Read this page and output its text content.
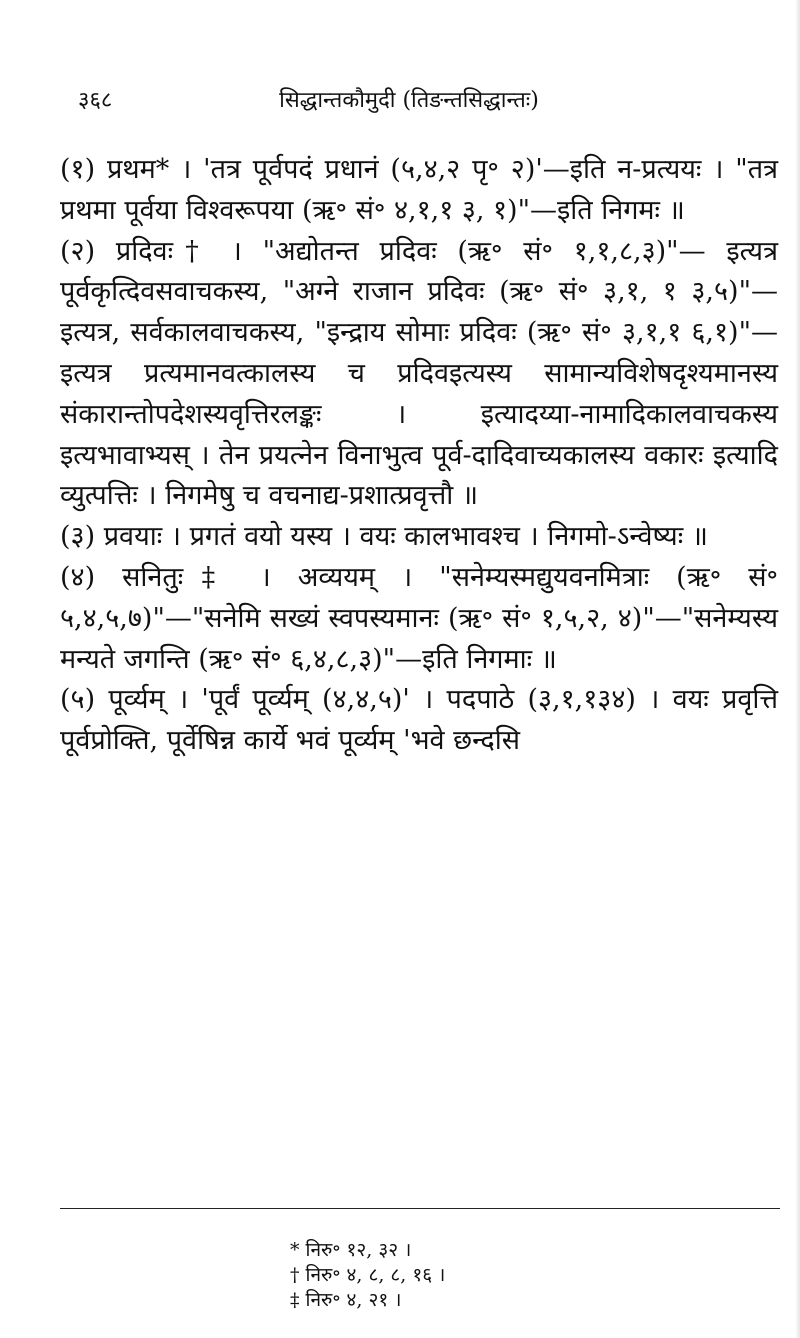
३६८	सिद्धान्तकौमुदी (तिङन्तसिद्धान्तः)

(१) प्रथम* । 'तत्र पूर्वपदं प्रधानं (५,४,२ पृ॰ २)'—इति न-प्रत्ययः । "तत्र प्रथमा पूर्वया विश्वरूपया (ऋ॰ सं॰ ४,१,१ ३, १)"—इति निगमः ॥

(२) प्रदिवः† । "अद्योतन्त प्रदिवः (ऋ॰ सं॰ १,१,८,३)"— इत्यत्र पूर्वकृत्दिवसवाचकस्य, "अग्ने राजान प्रदिवः (ऋ॰ सं॰ ३,१, १ ३,५)"—इत्यत्र, सर्वकालवाचकस्य, "इन्द्राय सोमाः प्रदिवः (ऋ॰ सं॰ ३,१,१ ६,१)"—इत्यत्र प्रत्यमानवत्कालस्य च प्रदिवइत्यस्य सामान्यविशेषदृश्यमानस्य संकारान्तोपदेशस्यवृत्तिरलङ्कः । इत्यादय्या-नामादिकालवाचकस्य इत्यभावाभ्यस् । तेन प्रयत्नेन विनाभुत्व पूर्व-दादिवाच्यकालस्य वकारः इत्यादि व्युत्पत्तिः । निगमेषु च वचनाद्य-प्रशात्प्रवृत्तौ ॥

(३) प्रवयाः । प्रगतं वयो यस्य । वयः कालभावश्च । निगमो-ऽन्वेष्यः ॥

(४) सनितुः‡ । अव्ययम् । "सनेम्यस्मद्युयवनमित्राः (ऋ॰ सं॰ ५,४,५,७)"—"सनेमि सख्यं स्वपस्यमानः (ऋ॰ सं॰ १,५,२, ४)"—"सनेम्यस्य मन्यते जगन्ति (ऋ॰ सं॰ ६,४,८,३)"—इति निगमाः ॥

(५) पूर्व्यम् । 'पूर्वं पूर्व्यम् (४,४,५)' । पदपाठे (३,१,१३४) । वयः प्रवृत्ति पूर्वप्रोक्ति, पूर्वेषिन्न कार्ये भवं पूर्व्यम् 'भवे छन्दसि

* निरु॰ १२, ३२ ।
† निरु॰ ४, ८, ८, १६ ।
‡ निरु॰ ४, २१ ।
